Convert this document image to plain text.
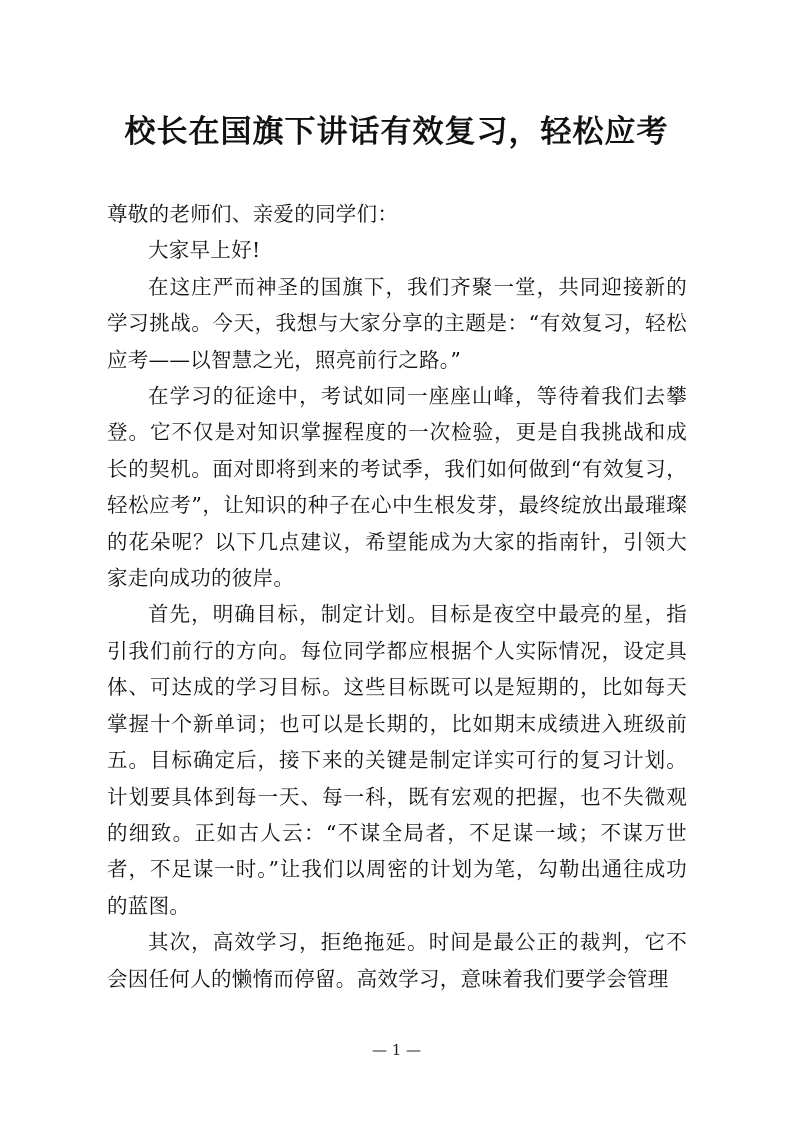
校长在国旗下讲话有效复习，轻松应考

尊敬的老师们、亲爱的同学们：

大家早上好!

在这庄严而神圣的国旗下，我们齐聚一堂，共同迎接新的学习挑战。今天，我想与大家分享的主题是：“有效复习，轻松应考——以智慧之光，照亮前行之路。”

在学习的征途中，考试如同一座座山峰，等待着我们去攀登。它不仅是对知识掌握程度的一次检验，更是自我挑战和成长的契机。面对即将到来的考试季，我们如何做到“有效复习，轻松应考”，让知识的种子在心中生根发芽，最终绽放出最璀璨的花朵呢？以下几点建议，希望能成为大家的指南针，引领大家走向成功的彼岸。

首先，明确目标，制定计划。目标是夜空中最亮的星，指引我们前行的方向。每位同学都应根据个人实际情况，设定具体、可达成的学习目标。这些目标既可以是短期的，比如每天掌握十个新单词；也可以是长期的，比如期末成绩进入班级前五。目标确定后，接下来的关键是制定详实可行的复习计划。计划要具体到每一天、每一科，既有宏观的把握，也不失微观的细致。正如古人云：“不谋全局者，不足谋一域；不谋万世者，不足谋一时。”让我们以周密的计划为笔，勾勒出通往成功的蓝图。

其次，高效学习，拒绝拖延。时间是最公正的裁判，它不会因任何人的懒惰而停留。高效学习，意味着我们要学会管理

— 1 —
